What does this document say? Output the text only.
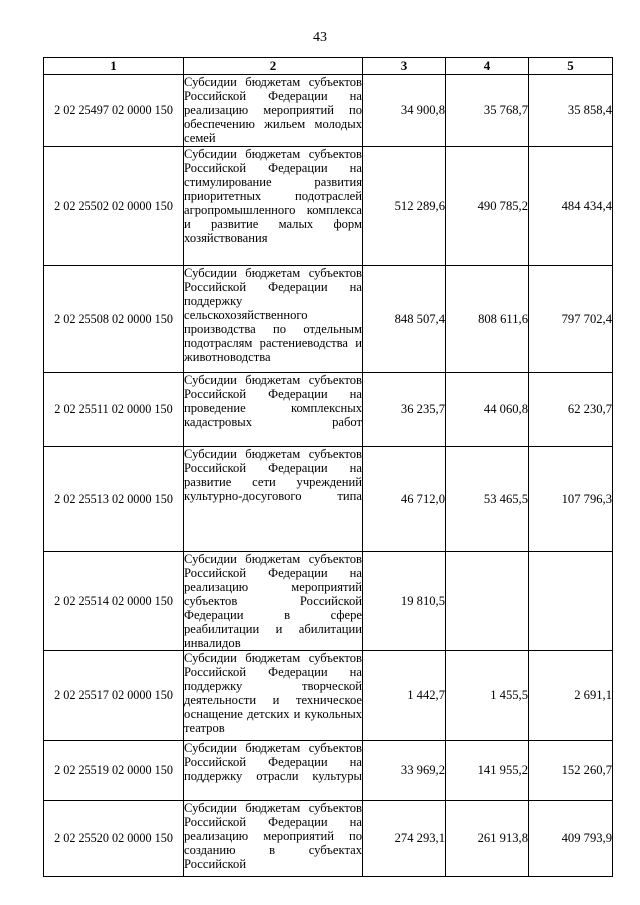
43
1	2	3	4	5
2 02 25497 02 0000 150	Субсидии бюджетам субъектов Российской Федерации на реализацию мероприятий по обеспечению жильем молодых семей	34 900,8	35 768,7	35 858,4
2 02 25502 02 0000 150	Субсидии бюджетам субъектов Российской Федерации на стимулирование развития приоритетных подотраслей агропромышленного комплекса и развитие малых форм хозяйствования	512 289,6	490 785,2	484 434,4
2 02 25508 02 0000 150	Субсидии бюджетам субъектов Российской Федерации на поддержку сельскохозяйственного производства по отдельным подотраслям растениеводства и животноводства	848 507,4	808 611,6	797 702,4
2 02 25511 02 0000 150	Субсидии бюджетам субъектов Российской Федерации на проведение комплексных кадастровых работ	36 235,7	44 060,8	62 230,7
2 02 25513 02 0000 150	Субсидии бюджетам субъектов Российской Федерации на развитие сети учреждений культурно-досугового типа	46 712,0	53 465,5	107 796,3
2 02 25514 02 0000 150	Субсидии бюджетам субъектов Российской Федерации на реализацию мероприятий субъектов Российской Федерации в сфере реабилитации и абилитации инвалидов	19 810,5		
2 02 25517 02 0000 150	Субсидии бюджетам субъектов Российской Федерации на поддержку творческой деятельности и техническое оснащение детских и кукольных театров	1 442,7	1 455,5	2 691,1
2 02 25519 02 0000 150	Субсидии бюджетам субъектов Российской Федерации на поддержку отрасли культуры	33 969,2	141 955,2	152 260,7
2 02 25520 02 0000 150	Субсидии бюджетам субъектов Российской Федерации на реализацию мероприятий по созданию в субъектах Российской	274 293,1	261 913,8	409 793,9
